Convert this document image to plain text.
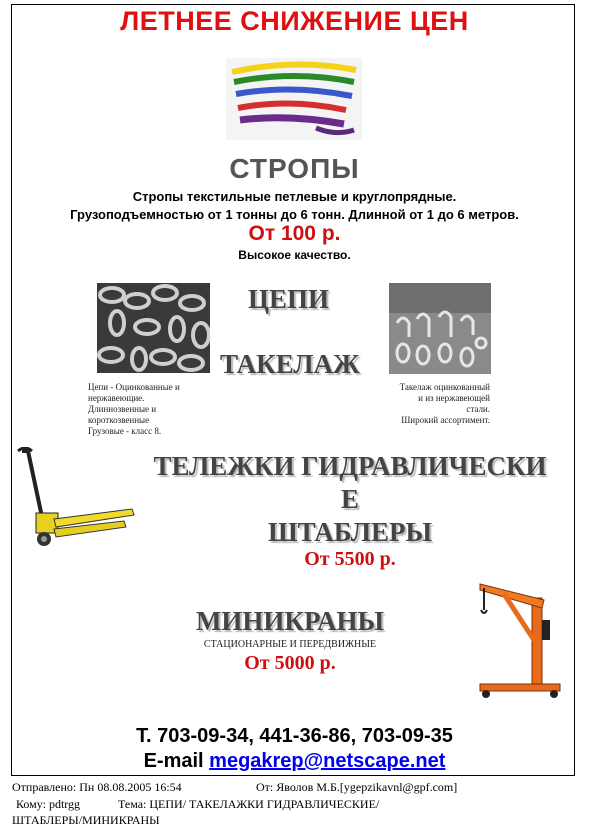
ЛЕТНЕЕ СНИЖЕНИЕ ЦЕН
СТРОПЫ
Стропы текстильные петлевые и круглопрядные.
Грузоподъемностью от 1 тонны до 6 тонн. Длинной от 1 до 6 метров.
От 100 р.
Высокое качество.
ЦЕПИ
ТАКЕЛАЖ
Цепи - Оцинкованные и
нержавеющие.
Длиннозвенные и
короткозвенные
Грузовые - класс 8.
Такелаж оцинкованный
и из нержавеющей
стали.
Широкий ассортимент.
ТЕЛЕЖКИ ГИДРАВЛИЧЕСКИ
Е
ШТАБЛЕРЫ
От 5500 р.
МИНИКРАНЫ
СТАЦИОНАРНЫЕ И ПЕРЕДВИЖНЫЕ
От 5000 р.
Т. 703-09-34, 441-36-86, 703-09-35
E-mail megakrep@netscape.net
Отправлено: Пн 08.08.2005 16:54	От: Яволов М.Б.[ygepzikavnl@gpf.com]
Кому: pdtrgg	Тема: ЦЕПИ/ ТАКЕЛАЖКИ ГИДРАВЛИЧЕСКИЕ/
ШТАБЛЕРЫ/МИНИКРАНЫ
